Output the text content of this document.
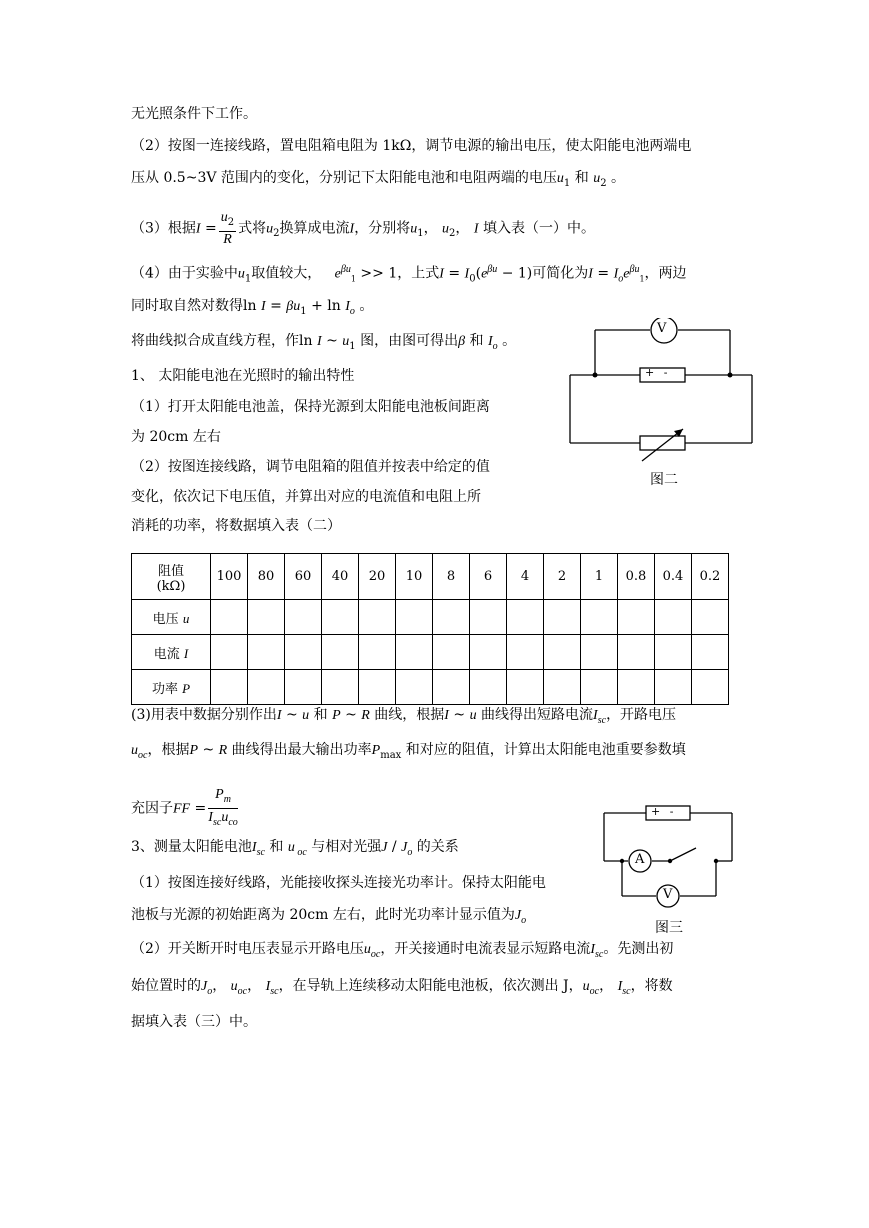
无光照条件下工作。
（2）按图一连接线路，置电阻箱电阻为 1kΩ，调节电源的输出电压，使太阳能电池两端电
压从 0.5~3V 范围内的变化，分别记下太阳能电池和电阻两端的电压$u_1$ 和 $u_2$ 。
（3）根据$I = \frac{u_2}{R}$ 式将$u_2$换算成电流I，分别将$u_1$， $u_2$， I 填入表（一）中。
（4）由于实验中$u_1$取值较大， $e^{\beta u}_1 >> 1$，上式$I = I_0(e^{\beta u} - 1)$可简化为$I = I_oe^{\beta u}_1$，两边
同时取自然对数得$\ln I = \beta u_1 + \ln I_o$ 。
将曲线拟合成直线方程，作ln I ~ $u_1$ 图，由图可得出β 和 $I_o$ 。
1、 太阳能电池在光照时的输出特性
（1）打开太阳能电池盖，保持光源到太阳能电池板间距离
为 20cm 左右
（2）按图连接线路，调节电阻箱的阻值并按表中给定的值
变化，依次记下电压值，并算出对应的电流值和电阻上所
消耗的功率，将数据填入表（二）
V
+ -
图二
阻值
(kΩ)	100	80	60	40	20	10	8	6	4	2	1	0.8	0.4	0.2
电压 u														
电流 I														
功率 P														
(3)用表中数据分别作出I ~ u 和 P ~ R 曲线，根据I ~ u 曲线得出短路电流$I_{sc}$，开路电压
$u_{oc}$，根据P ~ R 曲线得出最大输出功率$P_{max}$ 和对应的阻值，计算出太阳能电池重要参数填
充因子FF = $\frac{P_m}{I_{sc}u_{co}}$
A
V
+ -
图三
3、测量太阳能电池$I_{sc}$ 和 u $_{oc}$ 与相对光强J / $J_o$ 的关系
（1）按图连接好线路，光能接收探头连接光功率计。保持太阳能电
池板与光源的初始距离为 20cm 左右，此时光功率计显示值为$J_o$
（2）开关断开时电压表显示开路电压$u_{oc}$，开关接通时电流表显示短路电流$I_{sc}$。先测出初
始位置时的$J_o$， $u_{oc}$， $I_{sc}$，在导轨上连续移动太阳能电池板，依次测出 J，$u_{oc}$， $I_{sc}$，将数
据填入表（三）中。
